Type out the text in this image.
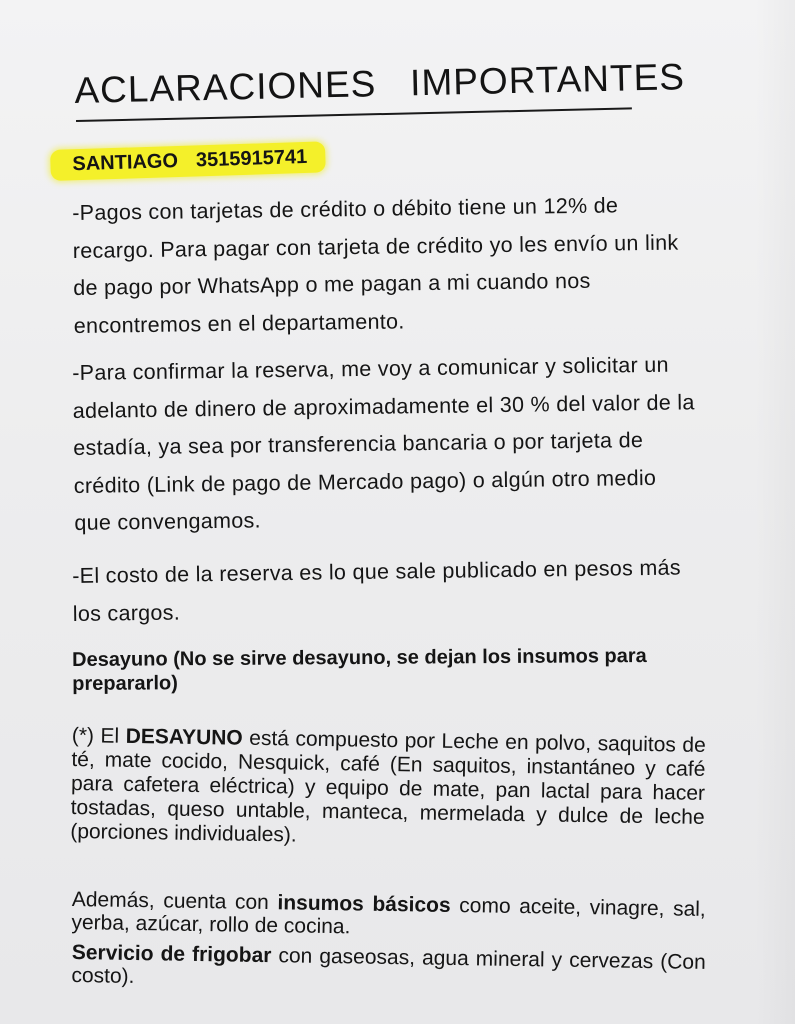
ACLARACIONES   IMPORTANTES
SANTIAGO 3515915741

-Pagos con tarjetas de crédito o débito tiene un 12% de recargo. Para pagar con tarjeta de crédito yo les envío un link de pago por WhatsApp o me pagan a mi cuando nos encontremos en el departamento.

-Para confirmar la reserva, me voy a comunicar y solicitar un adelanto de dinero de aproximadamente el 30 % del valor de la estadía, ya sea por transferencia bancaria o por tarjeta de crédito (Link de pago de Mercado pago) o algún otro medio que convengamos.

-El costo de la reserva es lo que sale publicado en pesos más los cargos.

Desayuno (No se sirve desayuno, se dejan los insumos para prepararlo)

(*) El DESAYUNO está compuesto por Leche en polvo, saquitos de té, mate cocido, Nesquick, café (En saquitos, instantáneo y café para cafetera eléctrica) y equipo de mate, pan lactal para hacer tostadas, queso untable, manteca, mermelada y dulce de leche (porciones individuales).

Además, cuenta con insumos básicos como aceite, vinagre, sal, yerba, azúcar, rollo de cocina.

Servicio de frigobar con gaseosas, agua mineral y cervezas (Con costo).
